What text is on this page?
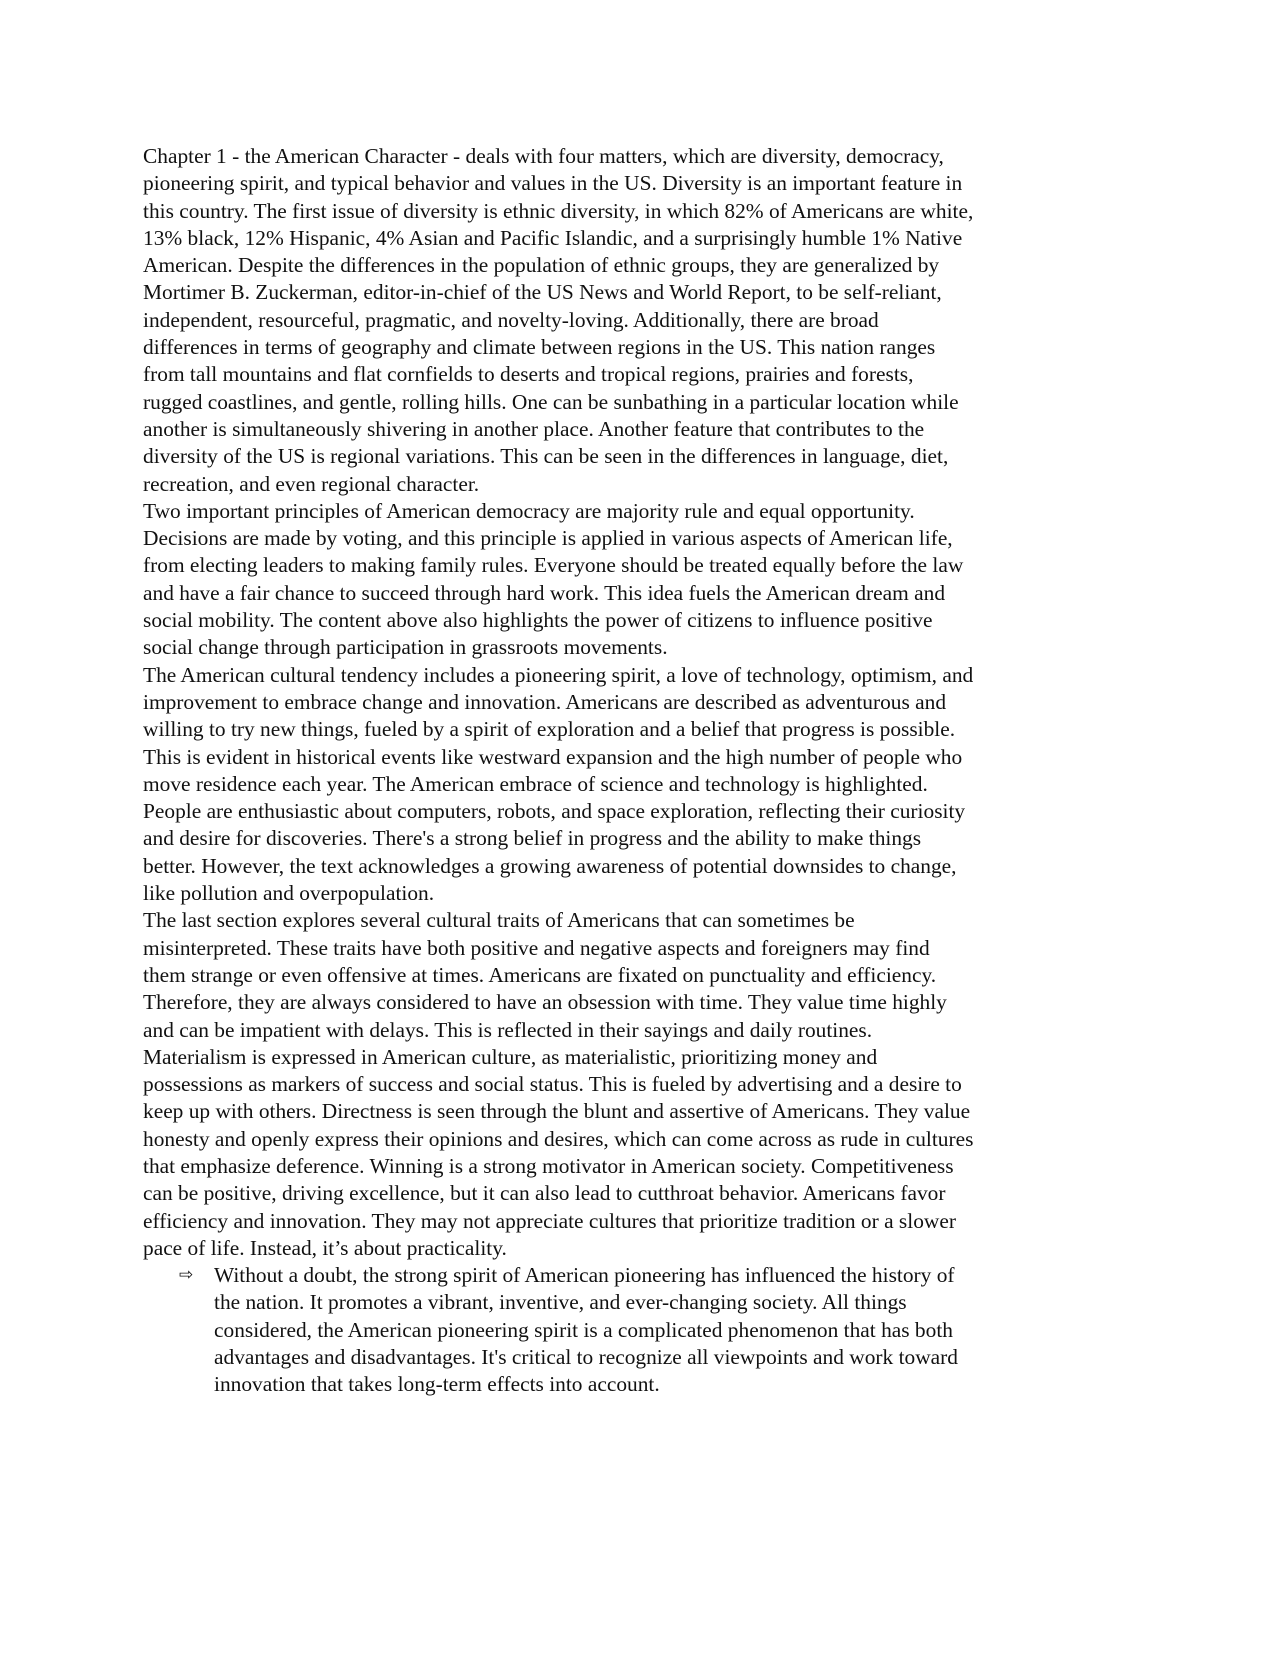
Chapter 1 - the American Character - deals with four matters, which are diversity, democracy,
pioneering spirit, and typical behavior and values in the US. Diversity is an important feature in
this country. The first issue of diversity is ethnic diversity, in which 82% of Americans are white,
13% black, 12% Hispanic, 4% Asian and Pacific Islandic, and a surprisingly humble 1% Native
American. Despite the differences in the population of ethnic groups, they are generalized by
Mortimer B. Zuckerman, editor-in-chief of the US News and World Report, to be self-reliant,
independent, resourceful, pragmatic, and novelty-loving. Additionally, there are broad
differences in terms of geography and climate between regions in the US. This nation ranges
from tall mountains and flat cornfields to deserts and tropical regions, prairies and forests,
rugged coastlines, and gentle, rolling hills. One can be sunbathing in a particular location while
another is simultaneously shivering in another place. Another feature that contributes to the
diversity of the US is regional variations. This can be seen in the differences in language, diet,
recreation, and even regional character.
Two important principles of American democracy are majority rule and equal opportunity.
Decisions are made by voting, and this principle is applied in various aspects of American life,
from electing leaders to making family rules. Everyone should be treated equally before the law
and have a fair chance to succeed through hard work. This idea fuels the American dream and
social mobility. The content above also highlights the power of citizens to influence positive
social change through participation in grassroots movements.
The American cultural tendency includes a pioneering spirit, a love of technology, optimism, and
improvement to embrace change and innovation. Americans are described as adventurous and
willing to try new things, fueled by a spirit of exploration and a belief that progress is possible.
This is evident in historical events like westward expansion and the high number of people who
move residence each year. The American embrace of science and technology is highlighted.
People are enthusiastic about computers, robots, and space exploration, reflecting their curiosity
and desire for discoveries. There's a strong belief in progress and the ability to make things
better. However, the text acknowledges a growing awareness of potential downsides to change,
like pollution and overpopulation.
The last section explores several cultural traits of Americans that can sometimes be
misinterpreted. These traits have both positive and negative aspects and foreigners may find
them strange or even offensive at times. Americans are fixated on punctuality and efficiency.
Therefore, they are always considered to have an obsession with time. They value time highly
and can be impatient with delays. This is reflected in their sayings and daily routines.
Materialism is expressed in American culture, as materialistic, prioritizing money and
possessions as markers of success and social status. This is fueled by advertising and a desire to
keep up with others. Directness is seen through the blunt and assertive of Americans. They value
honesty and openly express their opinions and desires, which can come across as rude in cultures
that emphasize deference. Winning is a strong motivator in American society. Competitiveness
can be positive, driving excellence, but it can also lead to cutthroat behavior. Americans favor
efficiency and innovation. They may not appreciate cultures that prioritize tradition or a slower
pace of life. Instead, it’s about practicality.
⇨ Without a doubt, the strong spirit of American pioneering has influenced the history of
the nation. It promotes a vibrant, inventive, and ever-changing society. All things
considered, the American pioneering spirit is a complicated phenomenon that has both
advantages and disadvantages. It's critical to recognize all viewpoints and work toward
innovation that takes long-term effects into account.
